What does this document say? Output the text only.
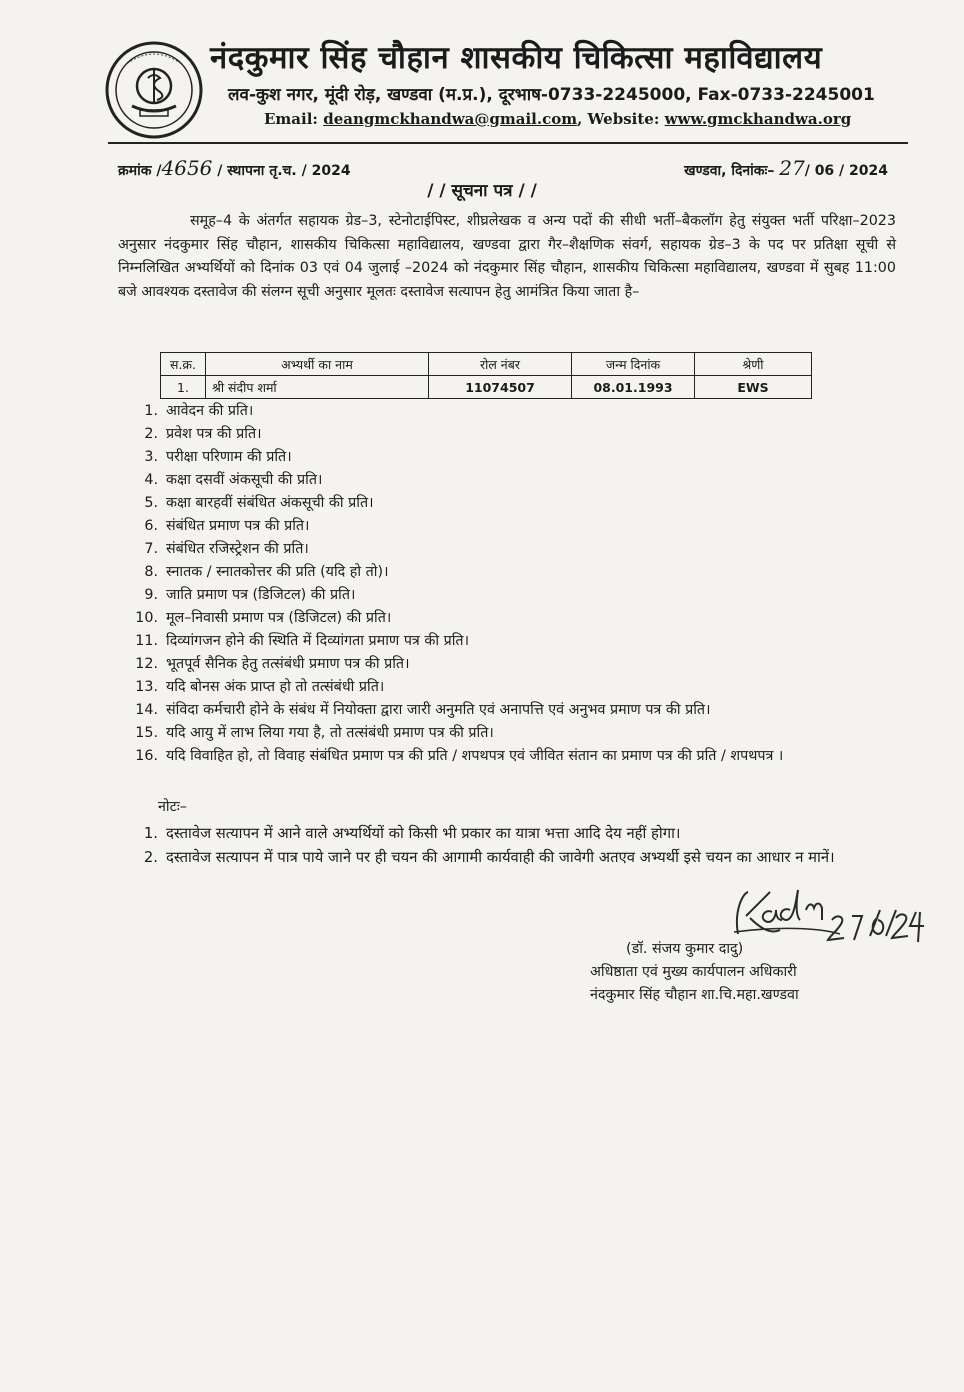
नंदकुमार सिंह चौहान शासकीय चिकित्सा महाविद्यालय
लव-कुश नगर, मूंदी रोड़, खण्डवा (म.प्र.), दूरभाष-0733-2245000, Fax-0733-2245001
Email: deangmckhandwa@gmail.com, Website: www.gmckhandwa.org
क्रमांक /4656 / स्थापना तृ.च. / 2024	खण्डवा, दिनांकः– 27/ 06 / 2024
/ / सूचना पत्र / /
समूह–4 के अंतर्गत सहायक ग्रेड–3, स्टेनोटाईपिस्ट, शीघ्रलेखक व अन्य पदों की सीधी भर्ती–बैकलॉग हेतु संयुक्त भर्ती परिक्षा–2023 अनुसार नंदकुमार सिंह चौहान, शासकीय चिकित्सा महाविद्यालय, खण्डवा द्वारा गैर–शैक्षणिक संवर्ग, सहायक ग्रेड–3 के पद पर प्रतिक्षा सूची से निम्नलिखित अभ्यर्थियों को दिनांक 03 एवं 04 जुलाई –2024 को नंदकुमार सिंह चौहान, शासकीय चिकित्सा महाविद्यालय, खण्डवा में सुबह 11:00 बजे आवश्यक दस्तावेज की संलग्न सूची अनुसार मूलतः दस्तावेज सत्यापन हेतु आमंत्रित किया जाता है–
स.क्र.	अभ्यर्थी का नाम	रोल नंबर	जन्म दिनांक	श्रेणी
1.	श्री संदीप शर्मा	11074507	08.01.1993	EWS
1. आवेदन की प्रति।
2. प्रवेश पत्र की प्रति।
3. परीक्षा परिणाम की प्रति।
4. कक्षा दसवीं अंकसूची की प्रति।
5. कक्षा बारहवीं संबंधित अंकसूची की प्रति।
6. संबंधित प्रमाण पत्र की प्रति।
7. संबंधित रजिस्ट्रेशन की प्रति।
8. स्नातक / स्नातकोत्तर की प्रति (यदि हो तो)।
9. जाति प्रमाण पत्र (डिजिटल) की प्रति।
10. मूल–निवासी प्रमाण पत्र (डिजिटल) की प्रति।
11. दिव्यांगजन होने की स्थिति में दिव्यांगता प्रमाण पत्र की प्रति।
12. भूतपूर्व सैनिक हेतु तत्संबंधी प्रमाण पत्र की प्रति।
13. यदि बोनस अंक प्राप्त हो तो तत्संबंधी प्रति।
14. संविदा कर्मचारी होने के संबंध में नियोक्ता द्वारा जारी अनुमति एवं अनापत्ति एवं अनुभव प्रमाण पत्र की प्रति।
15. यदि आयु में लाभ लिया गया है, तो तत्संबंधी प्रमाण पत्र की प्रति।
16. यदि विवाहित हो, तो विवाह संबंधित प्रमाण पत्र की प्रति / शपथपत्र एवं जीवित संतान का प्रमाण पत्र की प्रति / शपथपत्र ।
नोटः–
1. दस्तावेज सत्यापन में आने वाले अभ्यर्थियों को किसी भी प्रकार का यात्रा भत्ता आदि देय नहीं होगा।
2. दस्तावेज सत्यापन में पात्र पाये जाने पर ही चयन की आगामी कार्यवाही की जावेगी अतएव अभ्यर्थी इसे चयन का आधार न मानें।
(डॉ. संजय कुमार दादु)
अधिष्ठाता एवं मुख्य कार्यपालन अधिकारी
नंदकुमार सिंह चौहान शा.चि.महा.खण्डवा
